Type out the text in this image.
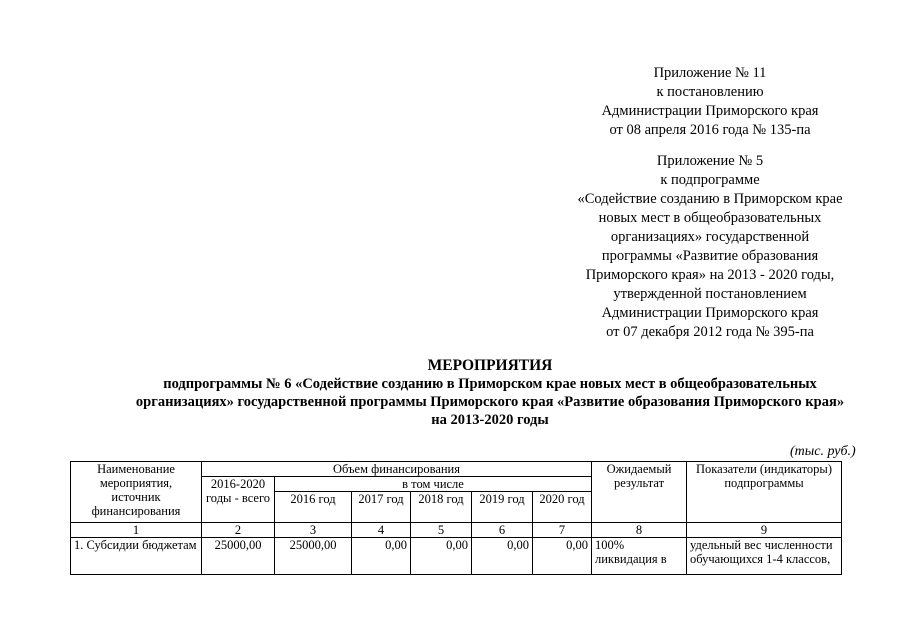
Приложение № 11
к постановлению
Администрации Приморского края
от 08 апреля 2016 года № 135-па
Приложение № 5
к подпрограмме
«Содействие созданию в Приморском крае
новых мест в общеобразовательных
организациях» государственной
программы «Развитие образования
Приморского края» на 2013 - 2020 годы,
утвержденной постановлением
Администрации Приморского края
от 07 декабря 2012 года № 395-па
МЕРОПРИЯТИЯ
подпрограммы № 6 «Содействие созданию в Приморском крае новых мест в общеобразовательных
организациях» государственной программы Приморского края «Развитие образования Приморского края»
на 2013-2020 годы
(тыс. руб.)
Наименование мероприятия, источник финансирования	Объем финансирования						Ожидаемый результат	Показатели (индикаторы) подпрограммы
	2016-2020 годы - всего	в том числе						
		2016 год	2017 год	2018 год	2019 год	2020 год		
1	2	3	4	5	6	7	8	9
1. Субсидии бюджетам	25000,00	25000,00	0,00	0,00	0,00	0,00	100% ликвидация в	удельный вес численности обучающихся 1-4 классов,
